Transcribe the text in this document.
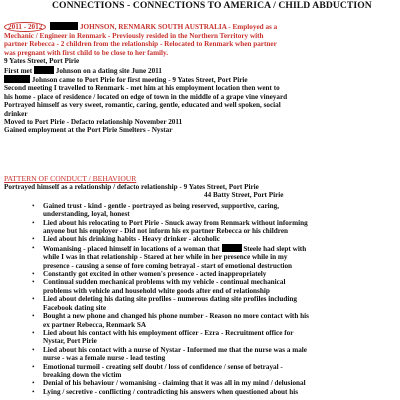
CONNECTIONS - CONNECTIONS TO AMERICA / CHILD ABDUCTION
2011 - 2012	JOHNSON, RENMARK SOUTH AUSTRALIA - Employed as a
Mechanic / Engineer in Renmark - Previously resided in the Northern Territory with
partner Rebecca - 2 children from the relationship - Relocated to Renmark when partner
was pregnant with first child to be close to her family.
9 Yates Street, Port Pirie
First met	Johnson on a dating site June 2011
Johnson came to Port Pirie for first meeting - 9 Yates Street, Port Pirie
Second meeting I travelled to Renmark - met him at his employment location then went to
his home - place of residence / located on edge of town in the middle of a grape vine vineyard
Portrayed himself as very sweet, romantic, caring, gentle, educated and well spoken, social
drinker
Moved to Port Pirie - Defacto relationship November 2011
Gained employment at the Port Pirie Smelters - Nystar
PATTERN OF CONDUCT / BEHAVIOUR
Portrayed himself as a relationship / defacto relationship - 9 Yates Street, Port Pirie
44 Batty Street, Port Pirie
• Gained trust - kind - gentle - portrayed as being reserved, supportive, caring,
understanding, loyal, honest
• Lied about his relocating to Port Pirie - Snuck away from Renmark without informing
anyone but his employer - Did not inform his ex partner Rebecca or his children
• Lied about his drinking habits - Heavy drinker - alcoholic
• Womanising - placed himself in locations of a woman that	Steele had slept with
while I was in that relationship - Stared at her while in her presence while in my
presence - causing a sense of fore coming betrayal - start of emotional destruction
• Constantly got excited in other women's presence - acted inappropriately
• Continual sudden mechanical problems with my vehicle - continual mechanical
problems with vehicle and household white goods after end of relationship
• Lied about deleting his dating site profiles - numerous dating site profiles including
Facebook dating site
• Bought a new phone and changed his phone number - Reason no more contact with his
ex partner Rebecca, Renmark SA
• Lied about his contact with his employment officer - Ezra - Recruitment office for
Nystar, Port Pirie
• Lied about his contact with a nurse of Nystar - Informed me that the nurse was a male
nurse - was a female nurse - lead testing
• Emotional turmoil - creating self doubt / loss of confidence / sense of betrayal -
breaking down the victim
• Denial of his behaviour / womanising - claiming that it was all in my mind / delusional
• Lying / secretive - conflicting / contradicting his answers when questioned about his
